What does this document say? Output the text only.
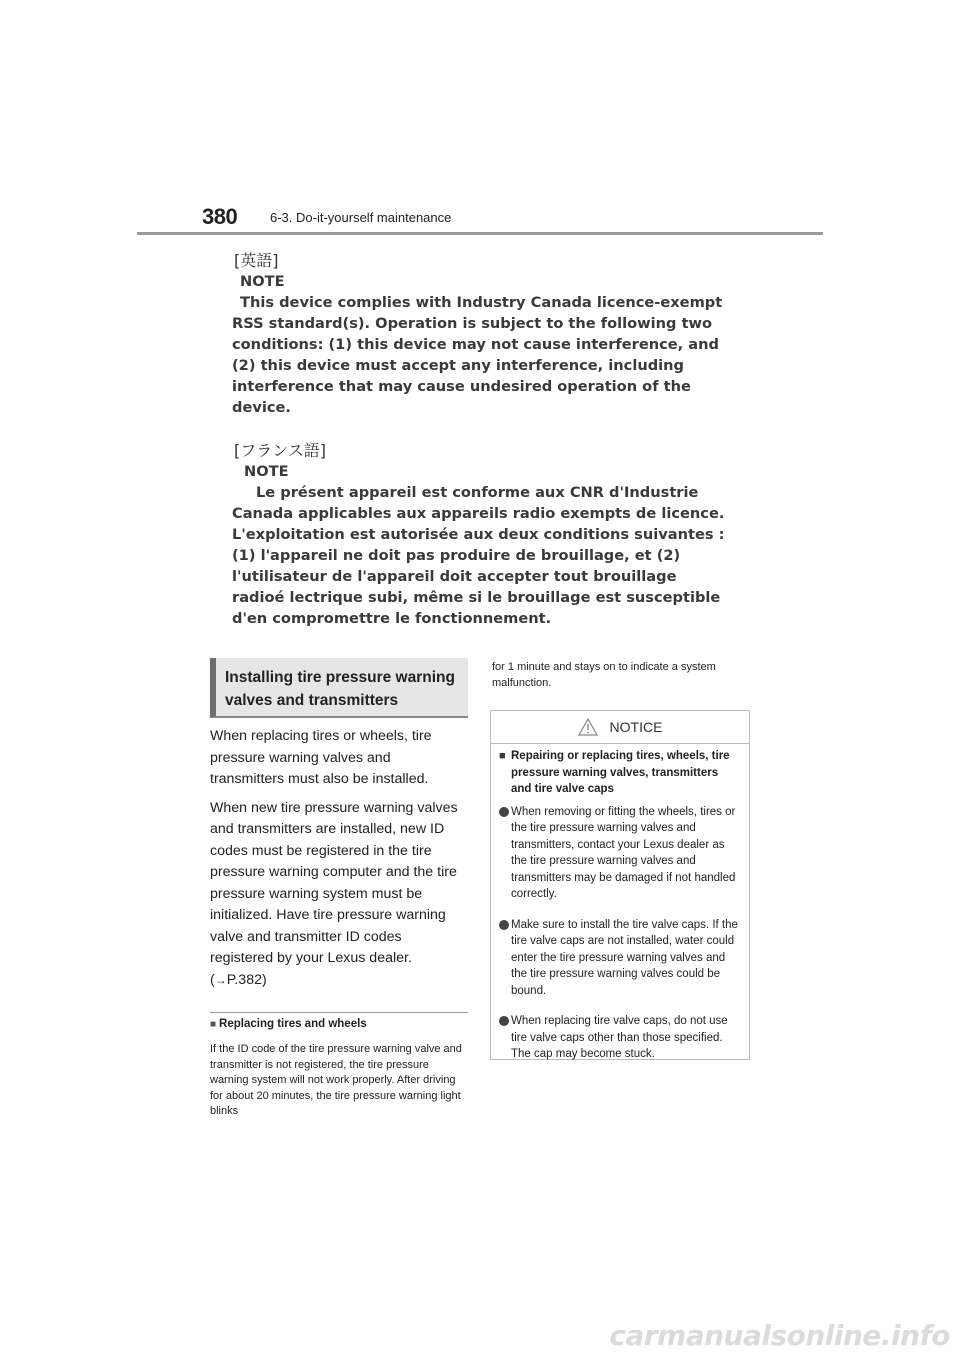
380	6-3. Do-it-yourself maintenance
[英語]
NOTE

This device complies with Industry Canada licence-exempt RSS standard(s). Operation is subject to the following two conditions: (1) this device may not cause interference, and (2) this device must accept any interference, including interference that may cause undesired operation of the device.

[フランス語]
NOTE

Le présent appareil est conforme aux CNR d'Industrie Canada applicables aux appareils radio exempts de licence. L'exploitation est autorisée aux deux conditions suivantes : (1) l'appareil ne doit pas produire de brouillage, et (2) l'utilisateur de l'appareil doit accepter tout brouillage radioé lectrique subi, même si le brouillage est susceptible d'en compromettre le fonctionnement.

Installing tire pressure warning valves and transmitters

When replacing tires or wheels, tire pressure warning valves and transmitters must also be installed.

When new tire pressure warning valves and transmitters are installed, new ID codes must be registered in the tire pressure warning computer and the tire pressure warning system must be initialized. Have tire pressure warning valve and transmitter ID codes registered by your Lexus dealer.
(→P.382)

■ Replacing tires and wheels
If the ID code of the tire pressure warning valve and transmitter is not registered, the tire pressure warning system will not work properly. After driving for about 20 minutes, the tire pressure warning light blinks
for 1 minute and stays on to indicate a system malfunction.
NOTICE
■ Repairing or replacing tires, wheels, tire pressure warning valves, transmitters and tire valve caps
When removing or fitting the wheels, tires or the tire pressure warning valves and transmitters, contact your Lexus dealer as the tire pressure warning valves and transmitters may be damaged if not handled correctly.
Make sure to install the tire valve caps. If the tire valve caps are not installed, water could enter the tire pressure warning valves and the tire pressure warning valves could be bound.
When replacing tire valve caps, do not use tire valve caps other than those specified. The cap may become stuck.
carmanualsonline.info
